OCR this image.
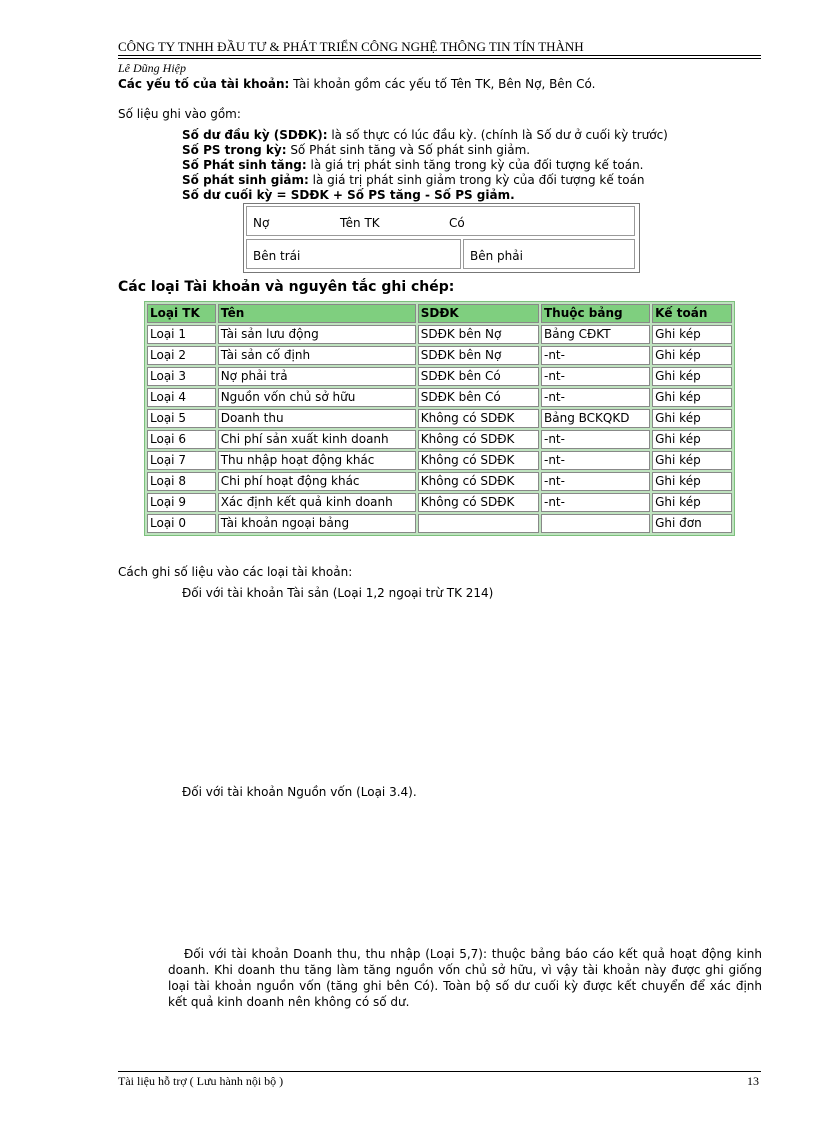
CÔNG TY TNHH ĐẦU TƯ & PHÁT TRIỂN CÔNG NGHỆ THÔNG TIN TÍN THÀNH
Lê Dũng Hiệp
Các yếu tố của tài khoản: Tài khoản gồm các yếu tố Tên TK, Bên Nợ, Bên Có.
Số liệu ghi vào gồm:
Số dư đầu kỳ (SDĐK): là số thực có lúc đầu kỳ. (chính là Số dư ở cuối kỳ trước)
Số PS trong kỳ: Số Phát sinh tăng và Số phát sinh giảm.
Số Phát sinh tăng: là giá trị phát sinh tăng trong kỳ của đối tượng kế toán.
Số phát sinh giảm: là giá trị phát sinh giảm trong kỳ của đối tượng kế toán
Số dư cuối kỳ = SDĐK + Số PS tăng - Số PS giảm.
Nợ	Tên TK	Có
Bên trái	Bên phải
Các loại Tài khoản và nguyên tắc ghi chép:
Loại TK	Tên	SDĐK	Thuộc bảng	Kế toán
Loại 1	Tài sản lưu động	SDĐK bên Nợ	Bảng CĐKT	Ghi kép
Loại 2	Tài sản cố định	SDĐK bên Nợ	-nt-	Ghi kép
Loại 3	Nợ phải trả	SDĐK bên Có	-nt-	Ghi kép
Loại 4	Nguồn vốn chủ sở hữu	SDĐK bên Có	-nt-	Ghi kép
Loại 5	Doanh thu	Không có SDĐK	Bảng BCKQKD	Ghi kép
Loại 6	Chi phí sản xuất kinh doanh	Không có SDĐK	-nt-	Ghi kép
Loại 7	Thu nhập hoạt động khác	Không có SDĐK	-nt-	Ghi kép
Loại 8	Chi phí hoạt động khác	Không có SDĐK	-nt-	Ghi kép
Loại 9	Xác định kết quả kinh doanh	Không có SDĐK	-nt-	Ghi kép
Loại 0	Tài khoản ngoại bảng			Ghi đơn
Cách ghi số liệu vào các loại tài khoản:
Đối với tài khoản Tài sản (Loại 1,2 ngoại trừ TK 214)
Đối với tài khoản Nguồn vốn (Loại 3.4).

Đối với tài khoản Doanh thu, thu nhập (Loại 5,7): thuộc bảng báo cáo kết quả hoạt động kinh doanh. Khi doanh thu tăng làm tăng nguồn vốn chủ sở hữu, vì vậy tài khoản này được ghi giống loại tài khoản nguồn vốn (tăng ghi bên Có). Toàn bộ số dư cuối kỳ được kết chuyển để xác định kết quả kinh doanh nên không có số dư.

Tài liệu hỗ trợ ( Lưu hành nội bộ )	13
